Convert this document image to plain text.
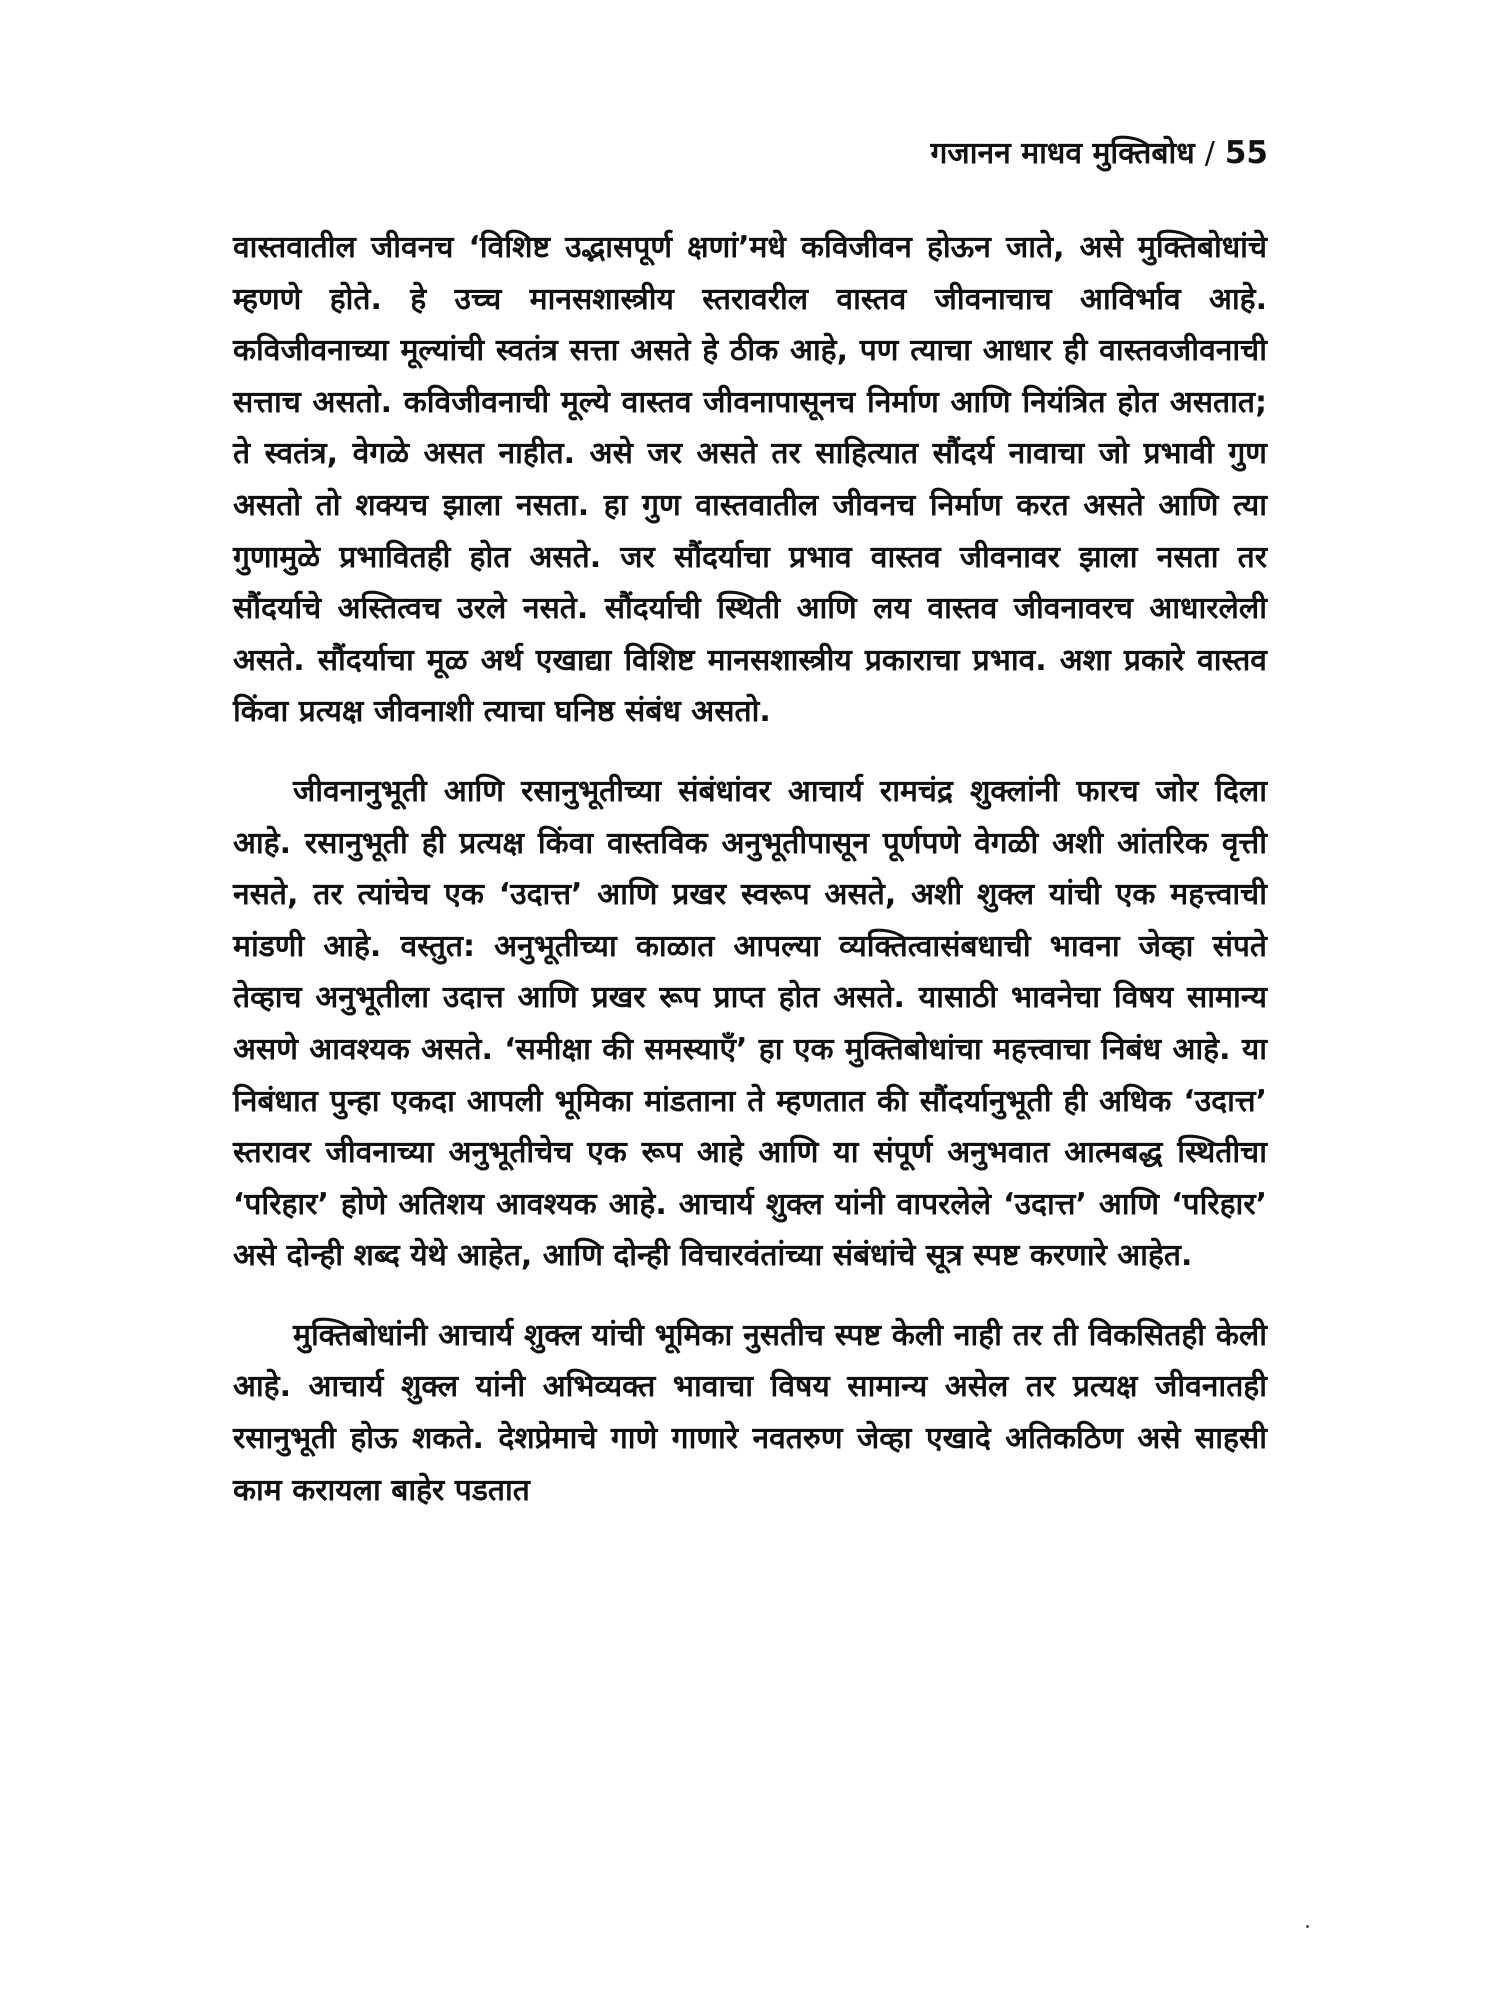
गजानन माधव मुक्तिबोध / 55

वास्तवातील जीवनच ‘विशिष्ट उद्भासपूर्ण क्षणां’मधे कविजीवन होऊन जाते, असे मुक्तिबोधांचे म्हणणे होते. हे उच्च मानसशास्त्रीय स्तरावरील वास्तव जीवनाचाच आविर्भाव आहे. कविजीवनाच्या मूल्यांची स्वतंत्र सत्ता असते हे ठीक आहे, पण त्याचा आधार ही वास्तवजीवनाची सत्ताच असतो. कविजीवनाची मूल्ये वास्तव जीवनापासूनच निर्माण आणि नियंत्रित होत असतात; ते स्वतंत्र, वेगळे असत नाहीत. असे जर असते तर साहित्यात सौंदर्य नावाचा जो प्रभावी गुण असतो तो शक्यच झाला नसता. हा गुण वास्तवातील जीवनच निर्माण करत असते आणि त्या गुणामुळे प्रभावितही होत असते. जर सौंदर्याचा प्रभाव वास्तव जीवनावर झाला नसता तर सौंदर्याचे अस्तित्वच उरले नसते. सौंदर्याची स्थिती आणि लय वास्तव जीवनावरच आधारलेली असते. सौंदर्याचा मूळ अर्थ एखाद्या विशिष्ट मानसशास्त्रीय प्रकाराचा प्रभाव. अशा प्रकारे वास्तव किंवा प्रत्यक्ष जीवनाशी त्याचा घनिष्ठ संबंध असतो.

जीवनानुभूती आणि रसानुभूतीच्या संबंधांवर आचार्य रामचंद्र शुक्लांनी फारच जोर दिला आहे. रसानुभूती ही प्रत्यक्ष किंवा वास्तविक अनुभूतीपासून पूर्णपणे वेगळी अशी आंतरिक वृत्ती नसते, तर त्यांचेच एक ‘उदात्त’ आणि प्रखर स्वरूप असते, अशी शुक्ल यांची एक महत्त्वाची मांडणी आहे. वस्तुत: अनुभूतीच्या काळात आपल्या व्यक्तित्वासंबधाची भावना जेव्हा संपते तेव्हाच अनुभूतीला उदात्त आणि प्रखर रूप प्राप्त होत असते. यासाठी भावनेचा विषय सामान्य असणे आवश्यक असते. ‘समीक्षा की समस्याएँ’ हा एक मुक्तिबोधांचा महत्त्वाचा निबंध आहे. या निबंधात पुन्हा एकदा आपली भूमिका मांडताना ते म्हणतात की सौंदर्यानुभूती ही अधिक ‘उदात्त’ स्तरावर जीवनाच्या अनुभूतीचेच एक रूप आहे आणि या संपूर्ण अनुभवात आत्मबद्ध स्थितीचा ‘परिहार’ होणे अतिशय आवश्यक आहे. आचार्य शुक्ल यांनी वापरलेले ‘उदात्त’ आणि ‘परिहार’ असे दोन्ही शब्द येथे आहेत, आणि दोन्ही विचारवंतांच्या संबंधांचे सूत्र स्पष्ट करणारे आहेत.

मुक्तिबोधांनी आचार्य शुक्ल यांची भूमिका नुसतीच स्पष्ट केली नाही तर ती विकसितही केली आहे. आचार्य शुक्ल यांनी अभिव्यक्त भावाचा विषय सामान्य असेल तर प्रत्यक्ष जीवनातही रसानुभूती होऊ शकते. देशप्रेमाचे गाणे गाणारे नवतरुण जेव्हा एखादे अतिकठिण असे साहसी काम करायला बाहेर पडतात
